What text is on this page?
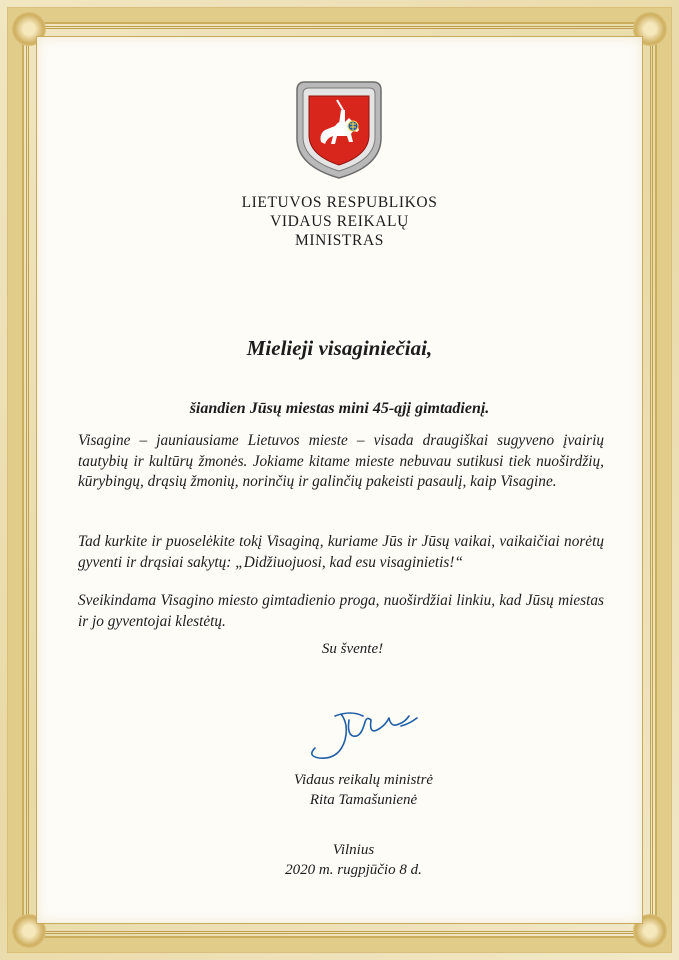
LIETUVOS RESPUBLIKOS
VIDAUS REIKALŲ
MINISTRAS
Mielieji visaginiečiai,
šiandien Jūsų miestas mini 45-ąjį gimtadienį.
Visagine – jauniausiame Lietuvos mieste – visada draugiškai sugyveno įvairių tautybių ir kultūrų žmonės. Jokiame kitame mieste nebuvau sutikusi tiek nuoširdžių, kūrybingų, drąsių žmonių, norinčių ir galinčių pakeisti pasaulį, kaip Visagine.
Tad kurkite ir puoselėkite tokį Visaginą, kuriame Jūs ir Jūsų vaikai, vaikaičiai norėtų gyventi ir drąsiai sakytų: „Didžiuojuosi, kad esu visaginietis!“
Sveikindama Visagino miesto gimtadienio proga, nuoširdžiai linkiu, kad Jūsų miestas ir jo gyventojai klestėtų.
Su švente!
Vidaus reikalų ministrė
Rita Tamašunienė
Vilnius
2020 m. rugpjūčio 8 d.
